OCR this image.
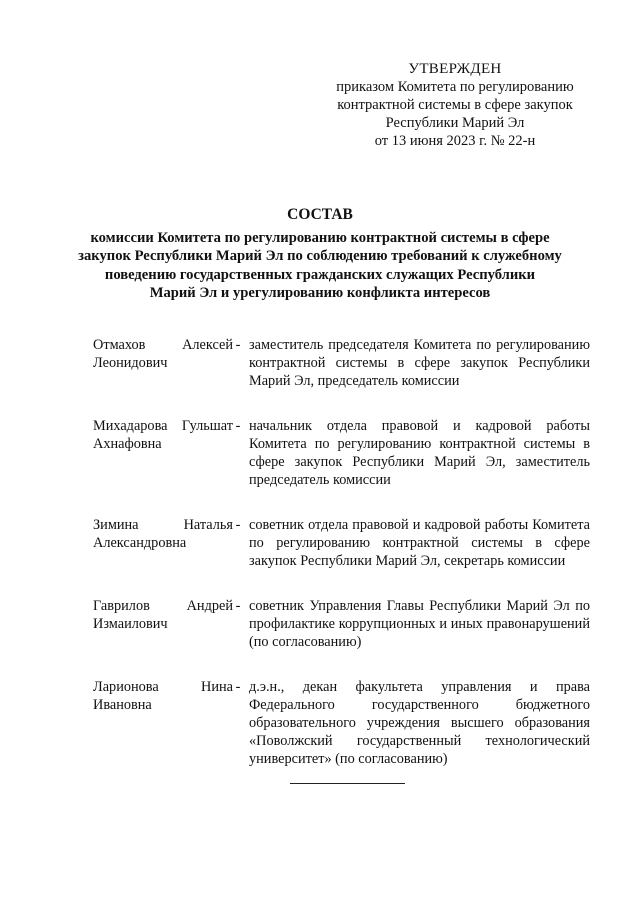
УТВЕРЖДЕН
приказом Комитета по регулированию
контрактной системы в сфере закупок
Республики Марий Эл
от 13 июня 2023 г. № 22-н
СОСТАВ
комиссии Комитета по регулированию контрактной системы в сфере
закупок Республики Марий Эл по соблюдению требований к служебному
поведению государственных гражданских служащих Республики
Марий Эл и урегулированию конфликта интересов
Отмахов Алексей Леонидович
- заместитель председателя Комитета по регулированию контрактной системы в сфере закупок Республики Марий Эл, председатель комиссии
Михадарова Гульшат Ахнафовна
- начальник отдела правовой и кадровой работы Комитета по регулированию контрактной системы в сфере закупок Республики Марий Эл, заместитель председатель комиссии
Зимина Наталья Александровна
- советник отдела правовой и кадровой работы Комитета по регулированию контрактной системы в сфере закупок Республики Марий Эл, секретарь комиссии
Гаврилов Андрей Измаилович
- советник Управления Главы Республики Марий Эл по профилактике коррупционных и иных правонарушений (по согласованию)
Ларионова Нина Ивановна
- д.э.н., декан факультета управления и права Федерального государственного бюджетного образовательного учреждения высшего образования «Поволжский государственный технологический университет» (по согласованию)
